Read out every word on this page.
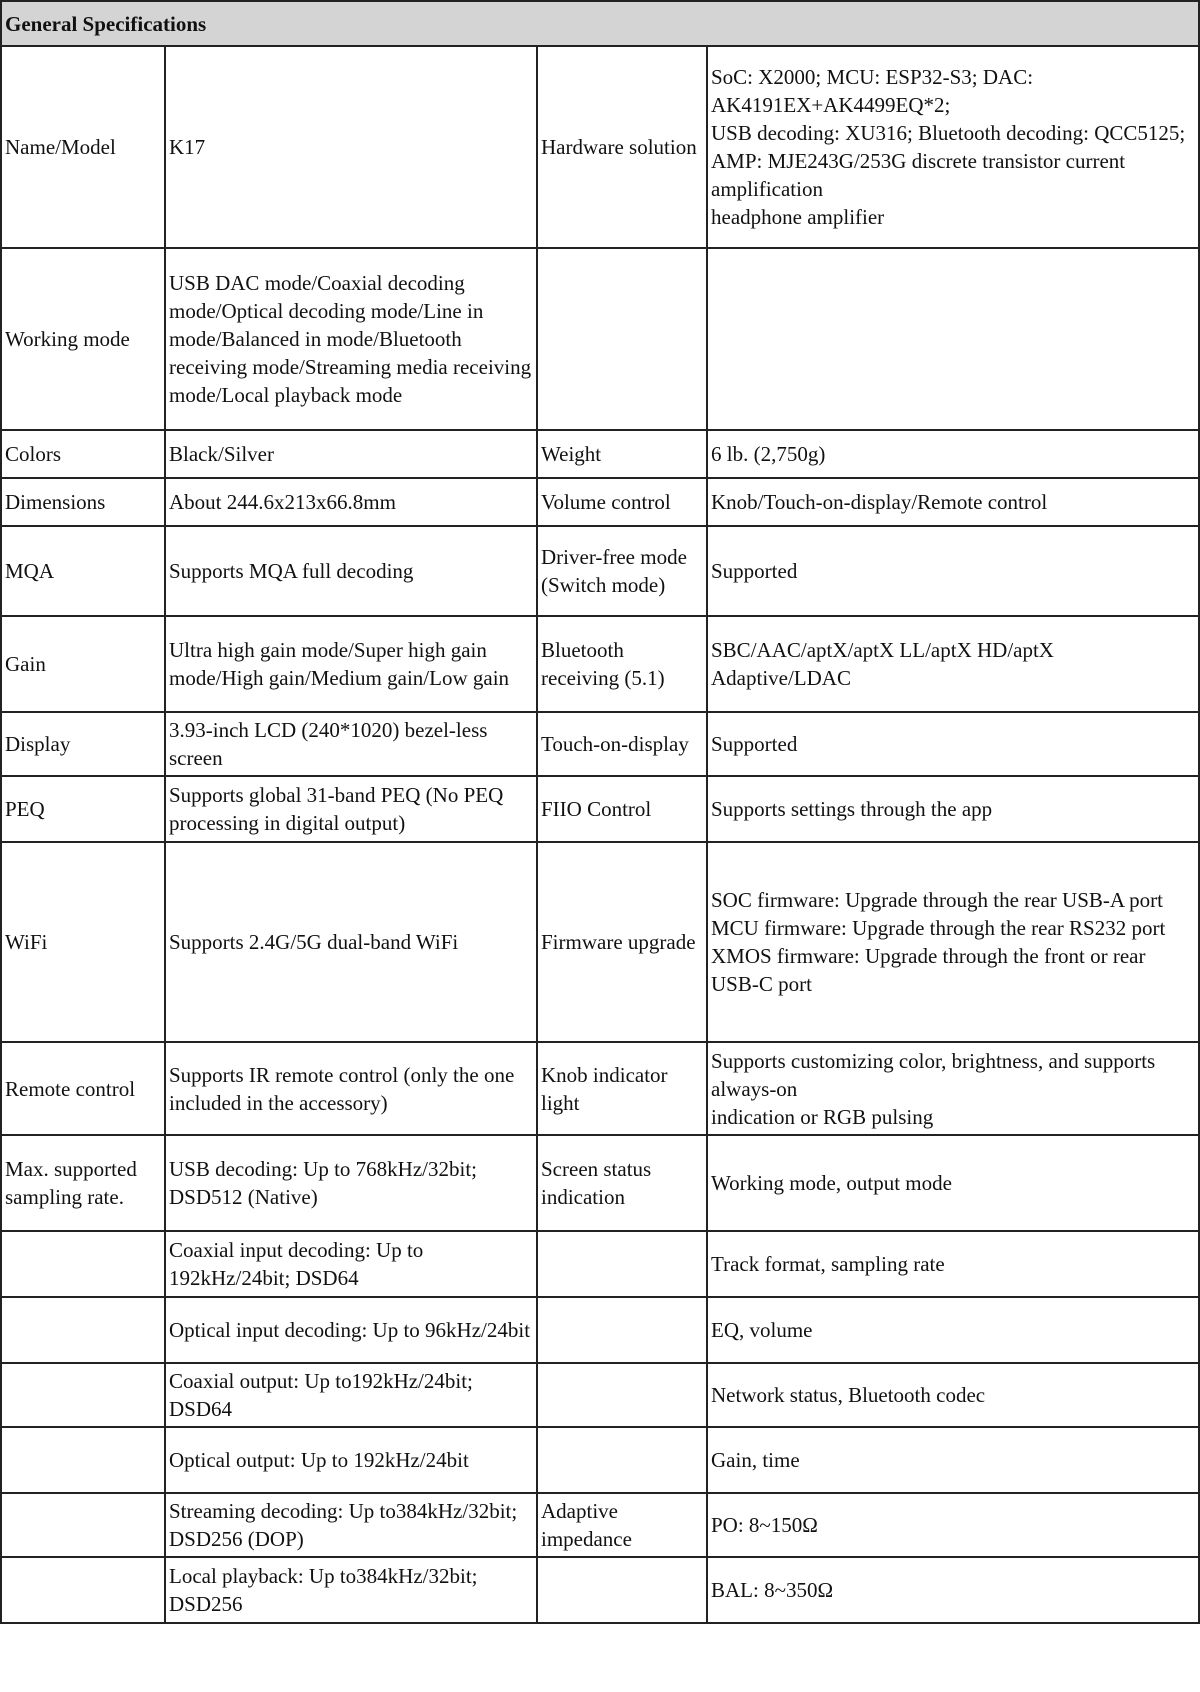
General Specifications			
Name/Model	K17	Hardware solution	SoC: X2000; MCU: ESP32-S3; DAC: AK4191EX+AK4499EQ*2;
USB decoding: XU316; Bluetooth decoding: QCC5125;
AMP: MJE243G/253G discrete transistor current amplification
headphone amplifier

Working mode	USB DAC mode/Coaxial decoding mode/Optical decoding mode/Line in mode/Balanced in mode/Bluetooth receiving mode/Streaming media receiving mode/Local playback mode		

Colors	Black/Silver	Weight	6 lb. (2,750g)

Dimensions	About 244.6x213x66.8mm	Volume control	Knob/Touch-on-display/Remote control

MQA	Supports MQA full decoding	Driver-free mode (Switch mode)	Supported

Gain	Ultra high gain mode/Super high gain mode/High gain/Medium gain/Low gain	Bluetooth receiving (5.1)	SBC/AAC/aptX/aptX LL/aptX HD/aptX Adaptive/LDAC

Display	3.93-inch LCD (240*1020) bezel-less screen	Touch-on-display	Supported

PEQ	Supports global 31-band PEQ (No PEQ processing in digital output)	FIIO Control	Supports settings through the app

WiFi	Supports 2.4G/5G dual-band WiFi	Firmware upgrade	SOC firmware: Upgrade through the rear USB-A port
MCU firmware: Upgrade through the rear RS232 port
XMOS firmware: Upgrade through the front or rear USB-C port

Remote control	Supports IR remote control (only the one included in the accessory)	Knob indicator light	Supports customizing color, brightness, and supports always-on
indication or RGB pulsing

Max. supported sampling rate.	USB decoding: Up to 768kHz/32bit; DSD512 (Native)	Screen status indication	Working mode, output mode

	Coaxial input decoding: Up to 192kHz/24bit; DSD64		Track format, sampling rate

	Optical input decoding: Up to 96kHz/24bit		EQ, volume

	Coaxial output: Up to192kHz/24bit; DSD64		Network status, Bluetooth codec

	Optical output: Up to 192kHz/24bit		Gain, time

	Streaming decoding: Up to384kHz/32bit; DSD256 (DOP)	Adaptive impedance	PO: 8~150Ω

	Local playback: Up to384kHz/32bit; DSD256		BAL: 8~350Ω
